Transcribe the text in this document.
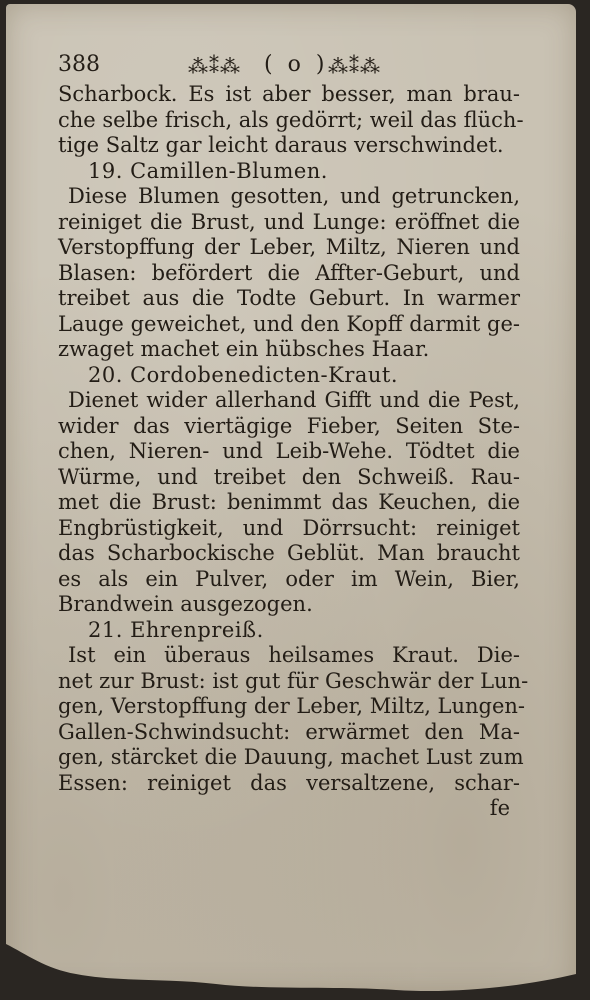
388	⁂⁑⁂ ( o ) ⁂⁑⁂
Scharbock. Es ist aber besser, man brau-
che selbe frisch, als gedörrt; weil das flüch-
tige Saltz gar leicht daraus verschwindet.
19. Camillen-Blumen.
Diese Blumen gesotten, und getruncken,
reiniget die Brust, und Lunge: eröffnet die
Verstopffung der Leber, Miltz, Nieren und
Blasen: befördert die Affter-Geburt, und
treibet aus die Todte Geburt. In warmer
Lauge geweichet, und den Kopff darmit ge-
zwaget machet ein hübsches Haar.
20. Cordobenedicten-Kraut.
Dienet wider allerhand Gifft und die Pest,
wider das viertägige Fieber, Seiten Ste-
chen, Nieren- und Leib-Wehe. Tödtet die
Würme, und treibet den Schweiß. Rau-
met die Brust: benimmt das Keuchen, die
Engbrüstigkeit, und Dörrsucht: reiniget
das Scharbockische Geblüt. Man braucht
es als ein Pulver, oder im Wein, Bier,
Brandwein ausgezogen.
21. Ehrenpreiß.
Ist ein überaus heilsames Kraut. Die-
net zur Brust: ist gut für Geschwär der Lun-
gen, Verstopffung der Leber, Miltz, Lungen-
Gallen-Schwindsucht: erwärmet den Ma-
gen, stärcket die Dauung, machet Lust zum
Essen: reiniget das versaltzene, schar-
fe
